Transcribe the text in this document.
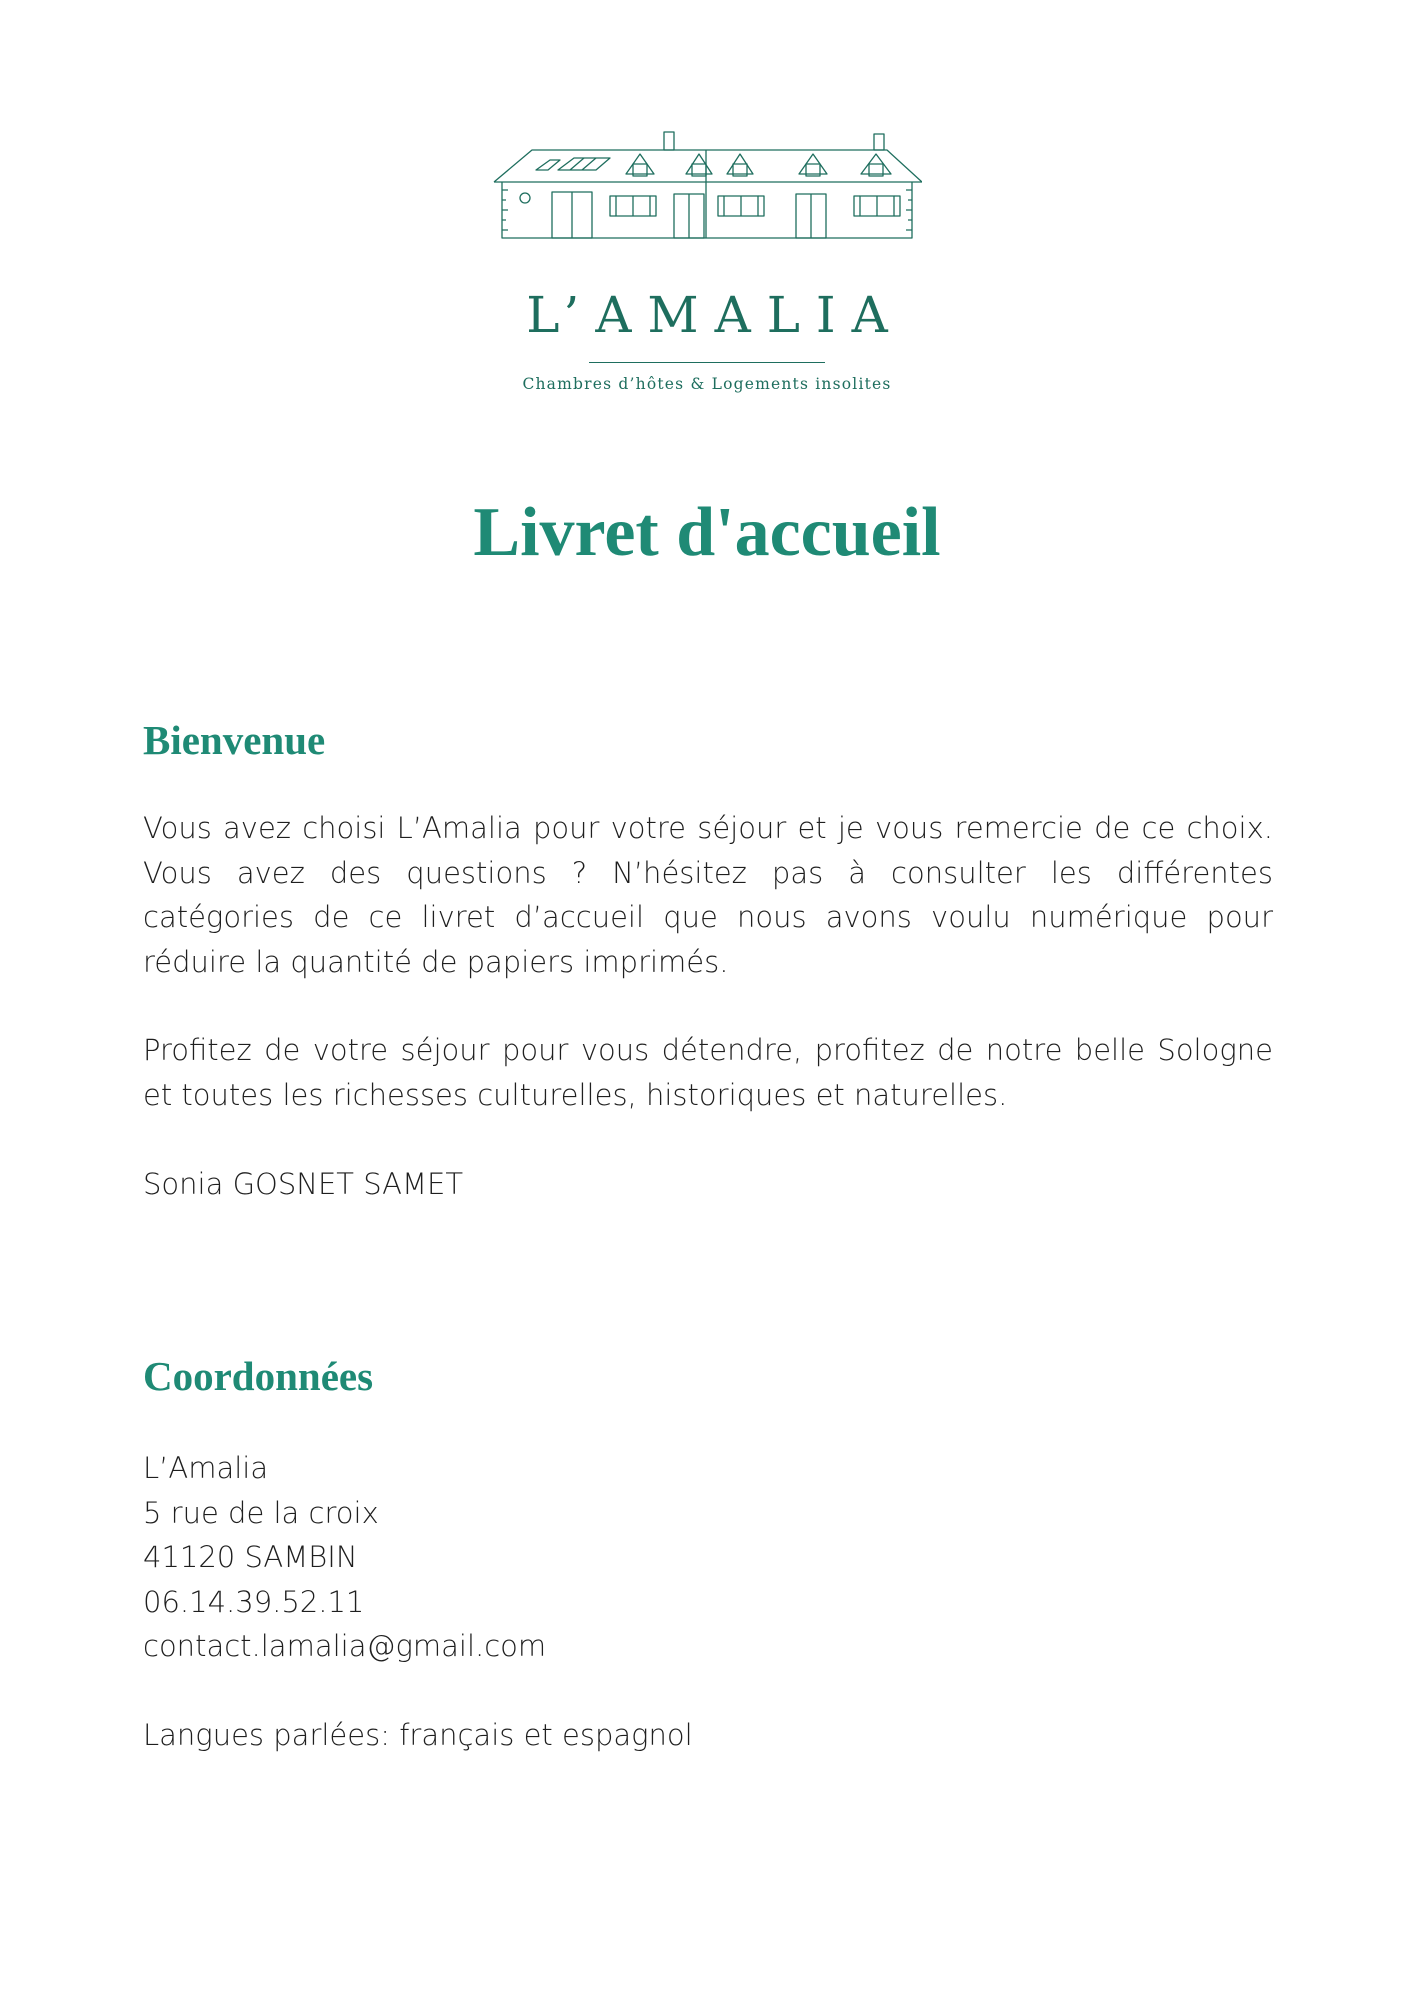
L’AMALIA
Chambres d’hôtes & Logements insolites
Livret d'accueil
Bienvenue

Vous avez choisi L’Amalia pour votre séjour et je vous remercie de ce choix. Vous avez des questions ? N’hésitez pas à consulter les différentes catégories de ce livret d’accueil que nous avons voulu numérique pour réduire la quantité de papiers imprimés.

Profitez de votre séjour pour vous détendre, profitez de notre belle Sologne et toutes les richesses culturelles, historiques et naturelles.

Sonia GOSNET SAMET
Coordonnées
L’Amalia
5 rue de la croix
41120 SAMBIN
06.14.39.52.11
contact.lamalia@gmail.com
Langues parlées: français et espagnol
